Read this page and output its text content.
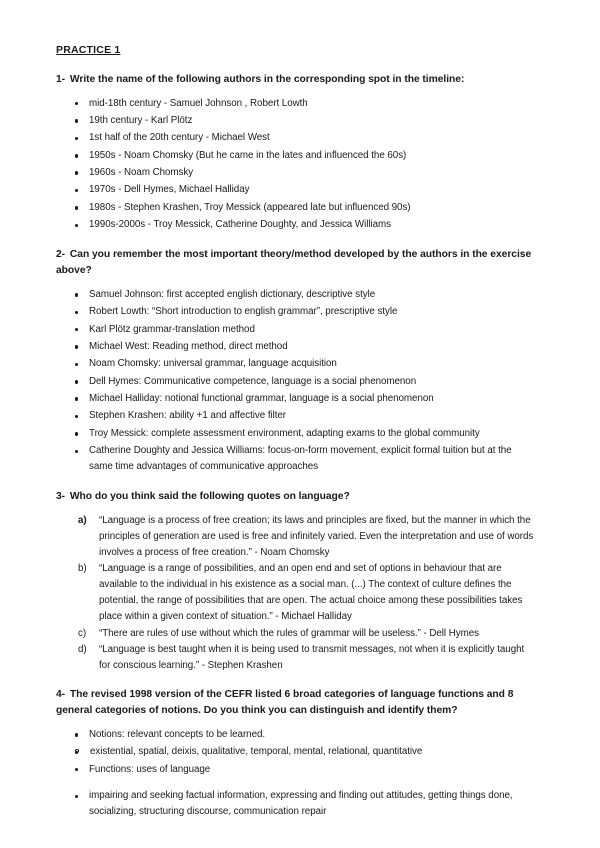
PRACTICE 1
1- Write the name of the following authors in the corresponding spot in the timeline:
mid-18th century - Samuel Johnson , Robert Lowth
19th century - Karl Plötz
1st half of the 20th century - Michael West
1950s - Noam Chomsky (But he came in the lates and influenced the 60s)
1960s - Noam Chomsky
1970s - Dell Hymes, Michael Halliday
1980s - Stephen Krashen, Troy Messick (appeared late but influenced 90s)
1990s-2000s - Troy Messick, Catherine Doughty, and Jessica Williams
2- Can you remember the most important theory/method developed by the authors in the exercise above?
Samuel Johnson: first accepted english dictionary, descriptive style
Robert Lowth: “Short introduction to english grammar”, prescriptive style
Karl Plötz grammar-translation method
Michael West: Reading method, direct method
Noam Chomsky: universal grammar, language acquisition
Dell Hymes: Communicative competence, language is a social phenomenon
Michael Halliday: notional functional grammar, language is a social phenomenon
Stephen Krashen: ability +1 and affective filter
Troy Messick: complete assessment environment, adapting exams to the global community
Catherine Doughty and Jessica Williams: focus-on-form movement, explicit formal tuition but at the same time advantages of communicative approaches
3- Who do you think said the following quotes on language?
a)	“Language is a process of free creation; its laws and principles are fixed, but the manner in which the principles of generation are used is free and infinitely varied. Even the interpretation and use of words involves a process of free creation.” - Noam Chomsky
b)	“Language is a range of possibilities, and an open end and set of options in behaviour that are available to the individual in his existence as a social man. (...) The context of culture defines the potential, the range of possibilities that are open. The actual choice among these possibilities takes place within a given context of situation.” - Michael Halliday
c)	“There are rules of use without which the rules of grammar will be useless.” - Dell Hymes
d)	“Language is best taught when it is being used to transmit messages, not when it is explicitly taught for conscious learning.” - Stephen Krashen
4- The revised 1998 version of the CEFR listed 6 broad categories of language functions and 8 general categories of notions. Do you think you can distinguish and identify them?
Notions: relevant concepts to be learned.
existential, spatial, deixis, qualitative, temporal, mental, relational, quantitative
Functions: uses of language
impairing and seeking factual information, expressing and finding out attitudes, getting things done, socializing, structuring discourse, communication repair
